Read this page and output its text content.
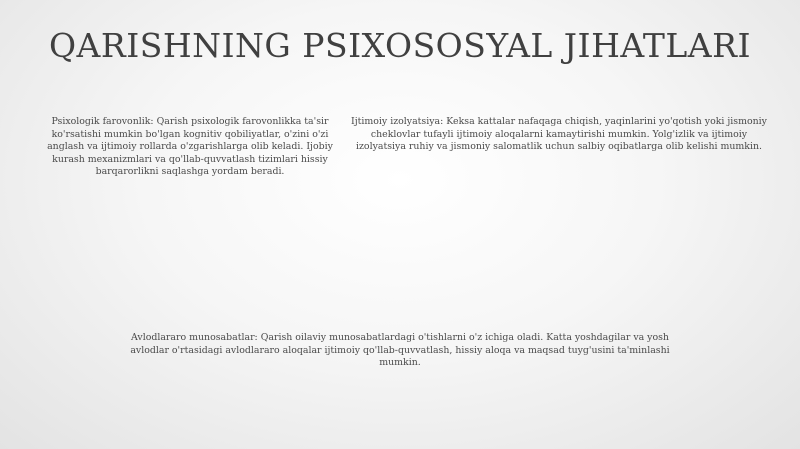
QARISHNING PSIXOSOSYAL JIHATLARI
Psixologik farovonlik: Qarish psixologik farovonlikka ta'sir ko'rsatishi mumkin bo'lgan kognitiv qobiliyatlar, o'zini o'zi anglash va ijtimoiy rollarda o'zgarishlarga olib keladi. Ijobiy kurash mexanizmlari va qo'llab-quvvatlash tizimlari hissiy barqarorlikni saqlashga yordam beradi.
Ijtimoiy izolyatsiya: Keksa kattalar nafaqaga chiqish, yaqinlarini yo'qotish yoki jismoniy cheklovlar tufayli ijtimoiy aloqalarni kamaytirishi mumkin. Yolg'izlik va ijtimoiy izolyatsiya ruhiy va jismoniy salomatlik uchun salbiy oqibatlarga olib kelishi mumkin.
Avlodlararo munosabatlar: Qarish oilaviy munosabatlardagi o'tishlarni o'z ichiga oladi. Katta yoshdagilar va yosh avlodlar o'rtasidagi avlodlararo aloqalar ijtimoiy qo'llab-quvvatlash, hissiy aloqa va maqsad tuyg'usini ta'minlashi mumkin.
